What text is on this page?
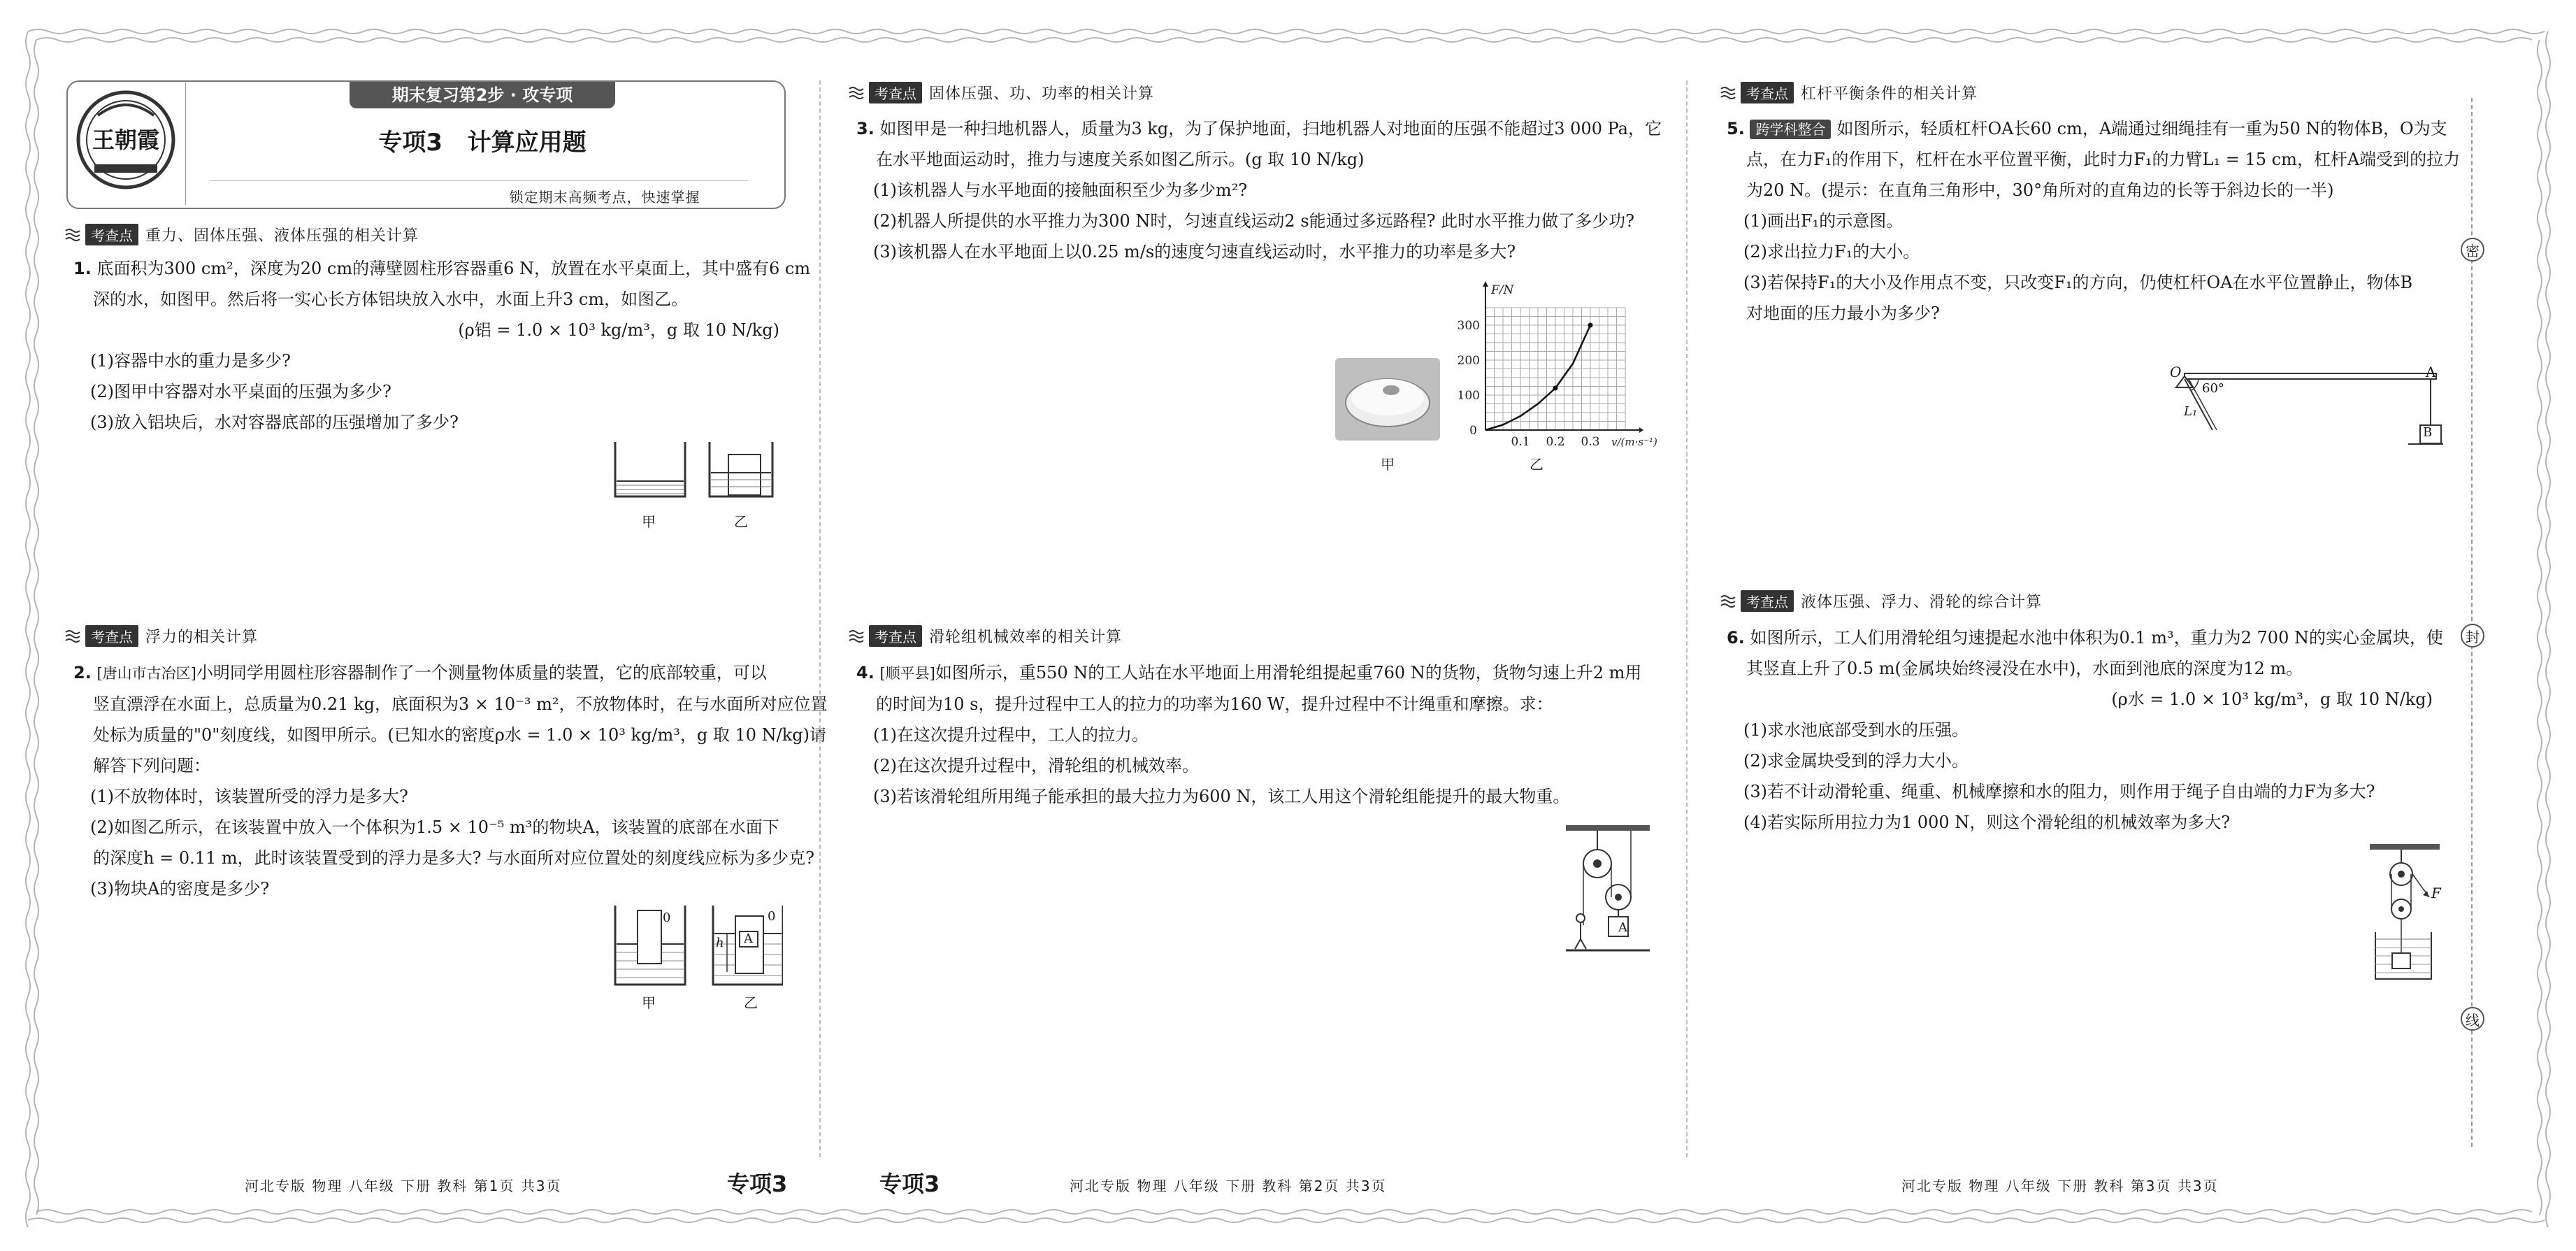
王朝霞
期末复习第2步 · 攻专项
专项3   计算应用题
锁定期末高频考点，快速掌握
考查点 重力、固体压强、液体压强的相关计算

1. 底面积为300 cm²，深度为20 cm的薄壁圆柱形容器重6 N，放置在水平桌面上，其中盛有6 cm

深的水，如图甲。然后将一实心长方体铝块放入水中，水面上升3 cm，如图乙。

(ρ铝 = 1.0 × 10³ kg/m³，g 取 10 N/kg)

(1)容器中水的重力是多少?

(2)图甲中容器对水平桌面的压强为多少?

(3)放入铝块后，水对容器底部的压强增加了多少?

甲	乙
考查点 浮力的相关计算

2. [唐山市古冶区]小明同学用圆柱形容器制作了一个测量物体质量的装置，它的底部较重，可以

竖直漂浮在水面上，总质量为0.21 kg，底面积为3 × 10⁻³ m²，不放物体时，在与水面所对应位置

处标为质量的"0"刻度线，如图甲所示。(已知水的密度ρ水 = 1.0 × 10³ kg/m³，g 取 10 N/kg)请

解答下列问题：

(1)不放物体时，该装置所受的浮力是多大?

(2)如图乙所示，在该装置中放入一个体积为1.5 × 10⁻⁵ m³的物块A，该装置的底部在水面下

的深度h = 0.11 m，此时该装置受到的浮力是多大? 与水面所对应位置处的刻度线应标为多少克?

(3)物块A的密度是多少?

0	0
h A
甲	乙
考查点 固体压强、功、功率的相关计算

3. 如图甲是一种扫地机器人，质量为3 kg，为了保护地面，扫地机器人对地面的压强不能超过3 000 Pa，它

在水平地面运动时，推力与速度关系如图乙所示。(g 取 10 N/kg)

(1)该机器人与水平地面的接触面积至少为多少m²?

(2)机器人所提供的水平推力为300 N时，匀速直线运动2 s能通过多远路程? 此时水平推力做了多少功?

(3)该机器人在水平地面上以0.25 m/s的速度匀速直线运动时，水平推力的功率是多大?

甲
100
200
300
0.1 0.2 0.3
0
F/N
v/(m·s⁻¹)
乙
考查点 滑轮组机械效率的相关计算

4. [顺平县]如图所示，重550 N的工人站在水平地面上用滑轮组提起重760 N的货物，货物匀速上升2 m用

的时间为10 s，提升过程中工人的拉力的功率为160 W，提升过程中不计绳重和摩擦。求：

(1)在这次提升过程中，工人的拉力。

(2)在这次提升过程中，滑轮组的机械效率。

(3)若该滑轮组所用绳子能承担的最大拉力为600 N，该工人用这个滑轮组能提升的最大物重。

A
考查点 杠杆平衡条件的相关计算

5. 跨学科整合 如图所示，轻质杠杆OA长60 cm，A端通过细绳挂有一重为50 N的物体B，O为支

点，在力F₁的作用下，杠杆在水平位置平衡，此时力F₁的力臂L₁ = 15 cm，杠杆A端受到的拉力

为20 N。(提示：在直角三角形中，30°角所对的直角边的长等于斜边长的一半)

(1)画出F₁的示意图。

(2)求出拉力F₁的大小。

(3)若保持F₁的大小及作用点不变，只改变F₁的方向，仍使杠杆OA在水平位置静止，物体B

对地面的压力最小为多少?

O
60°
A
L₁
B
考查点 液体压强、浮力、滑轮的综合计算

6. 如图所示，工人们用滑轮组匀速提起水池中体积为0.1 m³，重力为2 700 N的实心金属块，使

其竖直上升了0.5 m(金属块始终浸没在水中)，水面到池底的深度为12 m。

(ρ水 = 1.0 × 10³ kg/m³，g 取 10 N/kg)

(1)求水池底部受到水的压强。

(2)求金属块受到的浮力大小。

(3)若不计动滑轮重、绳重、机械摩擦和水的阻力，则作用于绳子自由端的力F为多大?

(4)若实际所用拉力为1 000 N，则这个滑轮组的机械效率为多大?

F
密
封
线
河北专版 物理 八年级 下册 教科 第1页 共3页	专项3	专项3	河北专版 物理 八年级 下册 教科 第2页 共3页	河北专版 物理 八年级 下册 教科 第3页 共3页
